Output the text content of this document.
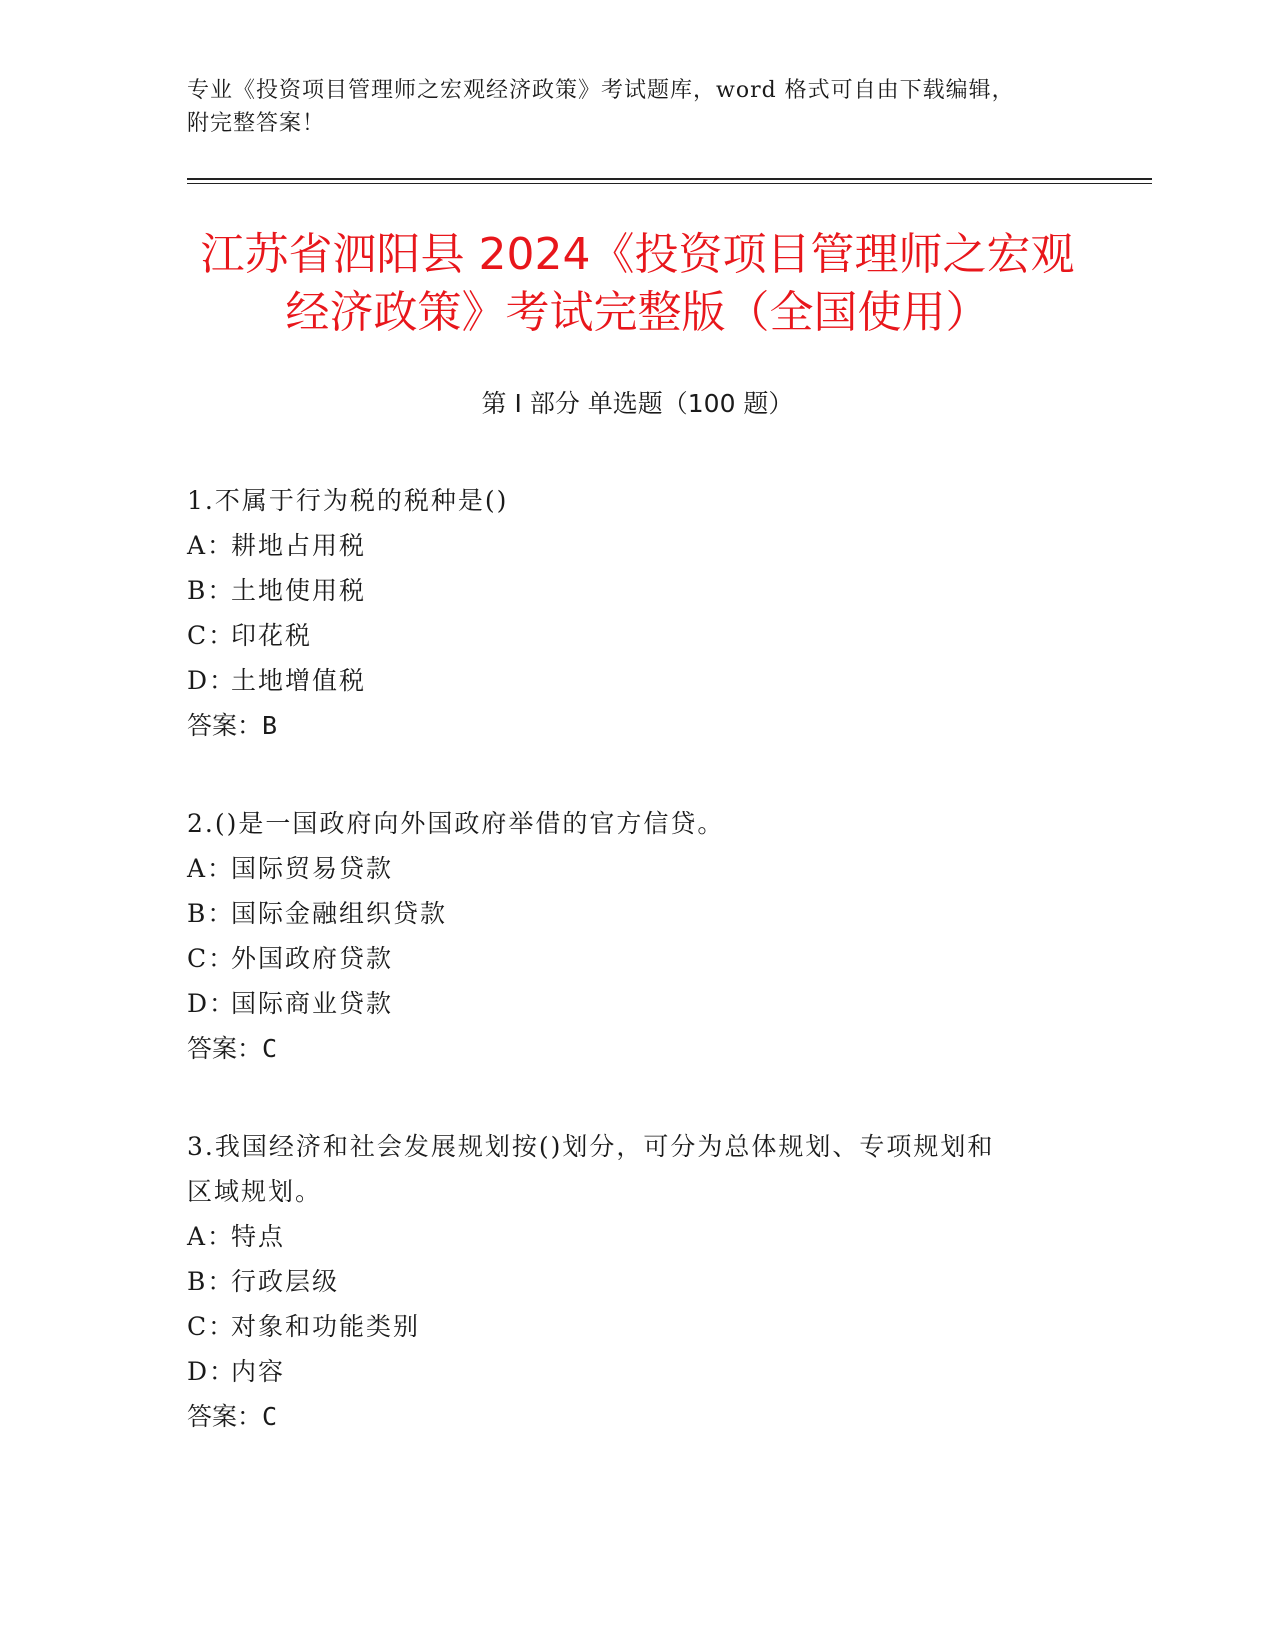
专业《投资项目管理师之宏观经济政策》考试题库，word 格式可自由下载编辑，
附完整答案！
江苏省泗阳县 2024《投资项目管理师之宏观
经济政策》考试完整版（全国使用）
第 I 部分 单选题（100 题）
1.不属于行为税的税种是()
A：耕地占用税
B：土地使用税
C：印花税
D：土地增值税
答案：B
2.()是一国政府向外国政府举借的官方信贷。
A：国际贸易贷款
B：国际金融组织贷款
C：外国政府贷款
D：国际商业贷款
答案：C
3.我国经济和社会发展规划按()划分，可分为总体规划、专项规划和
区域规划。
A：特点
B：行政层级
C：对象和功能类别
D：内容
答案：C
